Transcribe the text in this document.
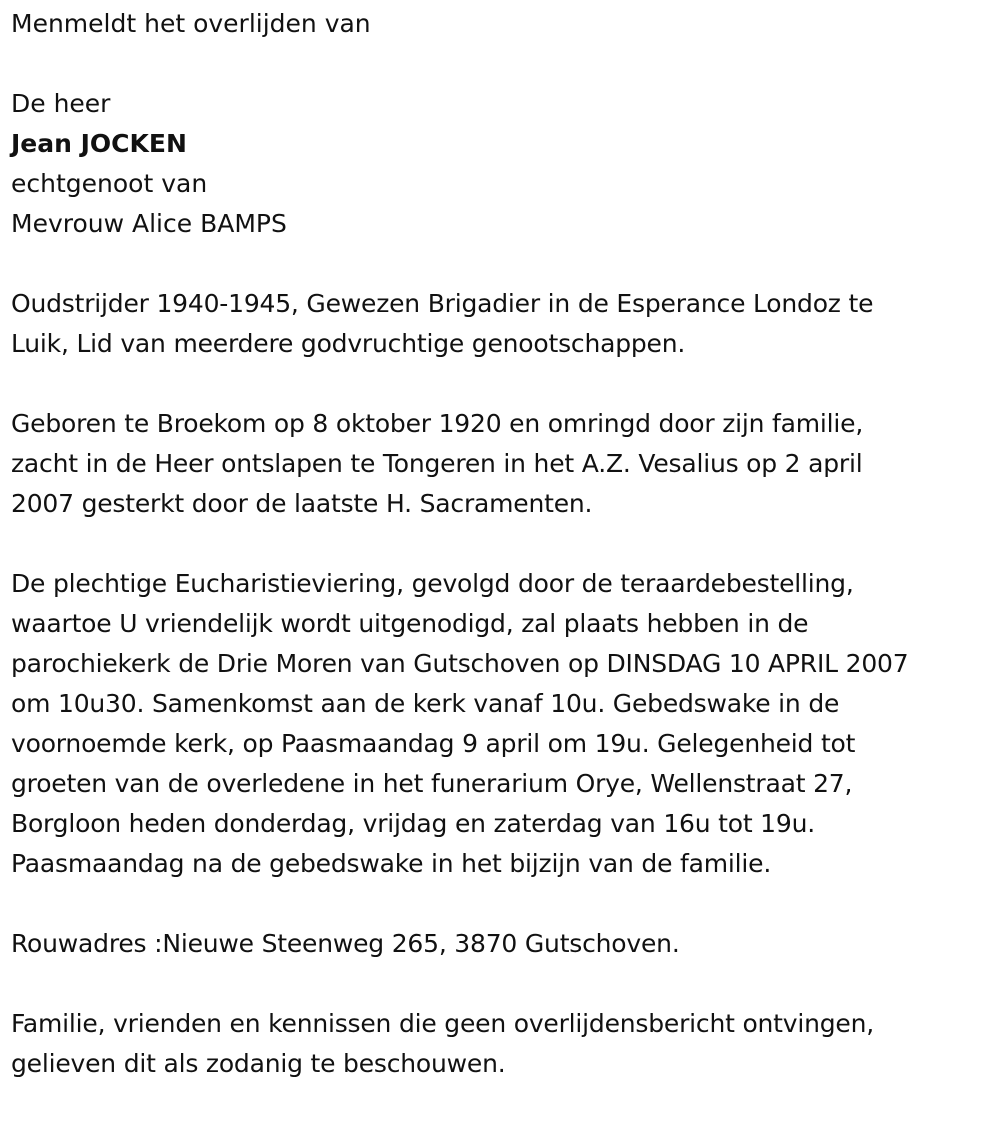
Menmeldt het overlijden van
De heer
Jean JOCKEN
echtgenoot van
Mevrouw Alice BAMPS
Oudstrijder 1940-1945, Gewezen Brigadier in de Esperance Londoz te
Luik, Lid van meerdere godvruchtige genootschappen.
Geboren te Broekom op 8 oktober 1920 en omringd door zijn familie,
zacht in de Heer ontslapen te Tongeren in het A.Z. Vesalius op 2 april
2007 gesterkt door de laatste H. Sacramenten.
De plechtige Eucharistieviering, gevolgd door de teraardebestelling,
waartoe U vriendelijk wordt uitgenodigd, zal plaats hebben in de
parochiekerk de Drie Moren van Gutschoven op DINSDAG 10 APRIL 2007
om 10u30. Samenkomst aan de kerk vanaf 10u. Gebedswake in de
voornoemde kerk, op Paasmaandag 9 april om 19u. Gelegenheid tot
groeten van de overledene in het funerarium Orye, Wellenstraat 27,
Borgloon heden donderdag, vrijdag en zaterdag van 16u tot 19u.
Paasmaandag na de gebedswake in het bijzijn van de familie.
Rouwadres :Nieuwe Steenweg 265, 3870 Gutschoven.
Familie, vrienden en kennissen die geen overlijdensbericht ontvingen,
gelieven dit als zodanig te beschouwen.
